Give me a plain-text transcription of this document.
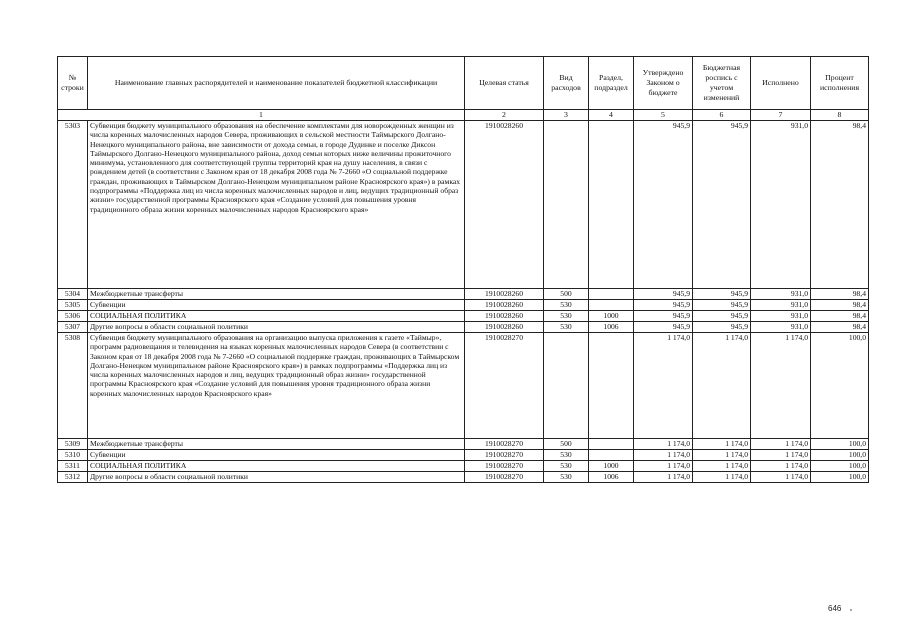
№ строки	Наименование главных распорядителей и наименование показателей бюджетной классификации	Целевая статья	Вид расходов	Раздел, подраздел	Утверждено Законом о бюджете	Бюджетная роспись с учетом изменений	Исполнено	Процент исполнения
1		2	3	4	5	6	7	8
5303	Субвенция бюджету муниципального образования на обеспечение комплектами для новорожденных женщин из числа коренных малочисленных народов Севера, проживающих в сельской местности Таймырского Долгано-Ненецкого муниципального района, вне зависимости от дохода семьи, в городе Дудинке и поселке Диксон Таймырского Долгано-Ненецкого муниципального района, доход семьи которых ниже величины прожиточного минимума, установленного для соответствующей группы территорий края на душу населения, в связи с рождением детей (в соответствии с Законом края от 18 декабря 2008 года № 7-2660 «О социальной поддержке граждан, проживающих в Таймырском Долгано-Ненецком муниципальном районе Красноярского края») в рамках подпрограммы «Поддержка лиц из числа коренных малочисленных народов и лиц, ведущих традиционный образ жизни» государственной программы Красноярского края «Создание условий для повышения уровня традиционного образа жизни коренных малочисленных народов Красноярского края»	1910028260			945,9	945,9	931,0	98,4
5304	Межбюджетные трансферты	1910028260	500		945,9	945,9	931,0	98,4
5305	Субвенции	1910028260	530		945,9	945,9	931,0	98,4
5306	СОЦИАЛЬНАЯ ПОЛИТИКА	1910028260	530	1000	945,9	945,9	931,0	98,4
5307	Другие вопросы в области социальной политики	1910028260	530	1006	945,9	945,9	931,0	98,4
5308	Субвенция бюджету муниципального образования на организацию выпуска приложения к газете «Таймыр», программ радиовещания и телевидения на языках коренных малочисленных народов Севера (в соответствии с Законом края от 18 декабря 2008 года № 7-2660 «О социальной поддержке граждан, проживающих в Таймырском Долгано-Ненецком муниципальном районе Красноярского края») в рамках подпрограммы «Поддержка лиц из числа коренных малочисленных народов и лиц, ведущих традиционный образ жизни» государственной программы Красноярского края «Создание условий для повышения уровня традиционного образа жизни коренных малочисленных народов Красноярского края»	1910028270			1 174,0	1 174,0	1 174,0	100,0
5309	Межбюджетные трансферты	1910028270	500		1 174,0	1 174,0	1 174,0	100,0
5310	Субвенции	1910028270	530		1 174,0	1 174,0	1 174,0	100,0
5311	СОЦИАЛЬНАЯ ПОЛИТИКА	1910028270	530	1000	1 174,0	1 174,0	1 174,0	100,0
5312	Другие вопросы в области социальной политики	1910028270	530	1006	1 174,0	1 174,0	1 174,0	100,0
646
